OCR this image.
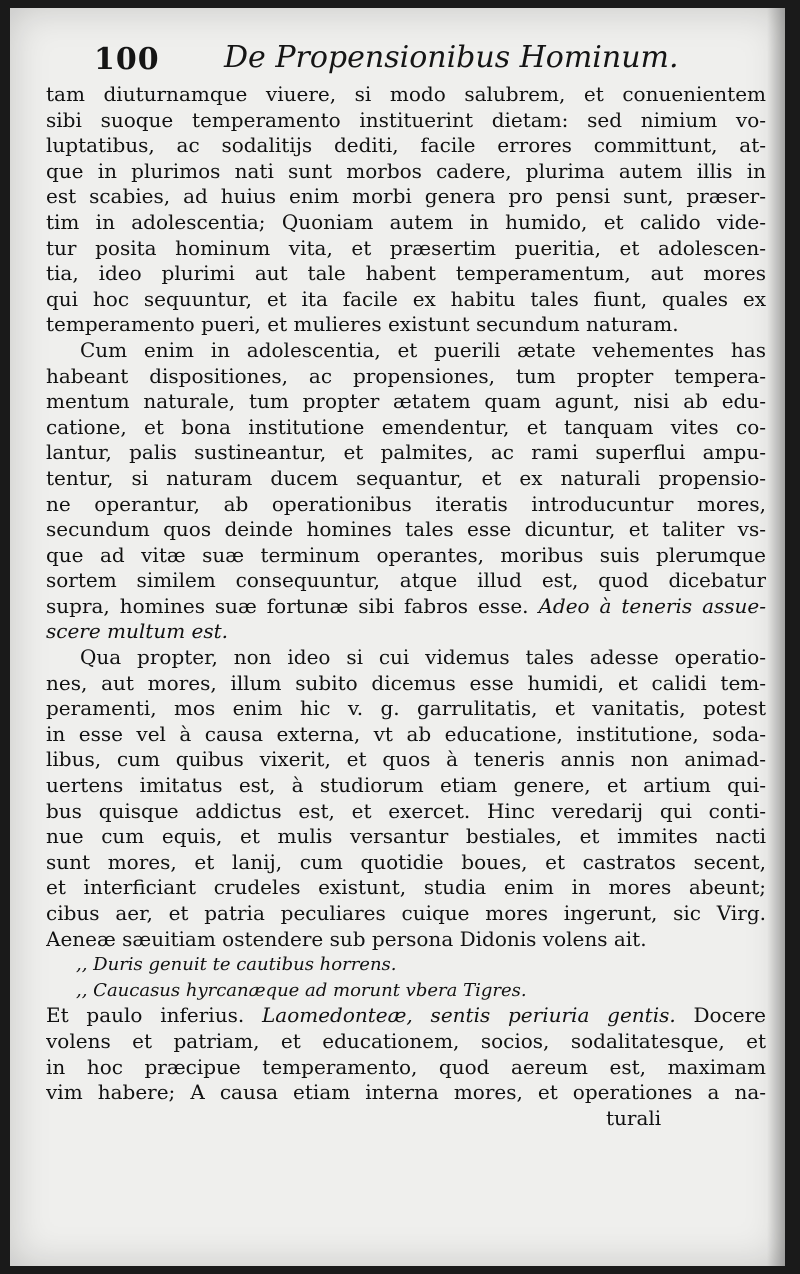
100 De Propensionibus Hominum.
tam diuturnamque viuere, si modo salubrem, et conuenientem
sibi suoque temperamento instituerint dietam: sed nimium vo-
luptatibus, ac sodalitijs dediti, facile errores committunt, at-
que in plurimos nati sunt morbos cadere, plurima autem illis in
est scabies, ad huius enim morbi genera pro pensi sunt, præser-
tim in adolescentia; Quoniam autem in humido, et calido vide-
tur posita hominum vita, et præsertim pueritia, et adolescen-
tia, ideo plurimi aut tale habent temperamentum, aut mores
qui hoc sequuntur, et ita facile ex habitu tales fiunt, quales ex
temperamento pueri, et mulieres existunt secundum naturam.
Cum enim in adolescentia, et puerili ætate vehementes has
habeant dispositiones, ac propensiones, tum propter tempera-
mentum naturale, tum propter ætatem quam agunt, nisi ab edu-
catione, et bona institutione emendentur, et tanquam vites co-
lantur, palis sustineantur, et palmites, ac rami superflui ampu-
tentur, si naturam ducem sequantur, et ex naturali propensio-
ne operantur, ab operationibus iteratis introducuntur mores,
secundum quos deinde homines tales esse dicuntur, et taliter vs-
que ad vitæ suæ terminum operantes, moribus suis plerumque
sortem similem consequuntur, atque illud est, quod dicebatur
supra, homines suæ fortunæ sibi fabros esse. Adeo à teneris assue-
scere multum est.
Qua propter, non ideo si cui videmus tales adesse operatio-
nes, aut mores, illum subito dicemus esse humidi, et calidi tem-
peramenti, mos enim hic v. g. garrulitatis, et vanitatis, potest
in esse vel à causa externa, vt ab educatione, institutione, soda-
libus, cum quibus vixerit, et quos à teneris annis non animad-
uertens imitatus est, à studiorum etiam genere, et artium qui-
bus quisque addictus est, et exercet. Hinc veredarij qui conti-
nue cum equis, et mulis versantur bestiales, et immites nacti
sunt mores, et lanij, cum quotidie boues, et castratos secent,
et interficiant crudeles existunt, studia enim in mores abeunt;
cibus aer, et patria peculiares cuique mores ingerunt, sic Virg.
Aeneæ sæuitiam ostendere sub persona Didonis volens ait.
,, Duris genuit te cautibus horrens.
,, Caucasus hyrcanæque ad morunt vbera Tigres.
Et paulo inferius. Laomedonteæ, sentis periuria gentis. Docere
volens et patriam, et educationem, socios, sodalitatesque, et
in hoc præcipue temperamento, quod aereum est, maximam
vim habere; A causa etiam interna mores, et operationes a na-
turali
